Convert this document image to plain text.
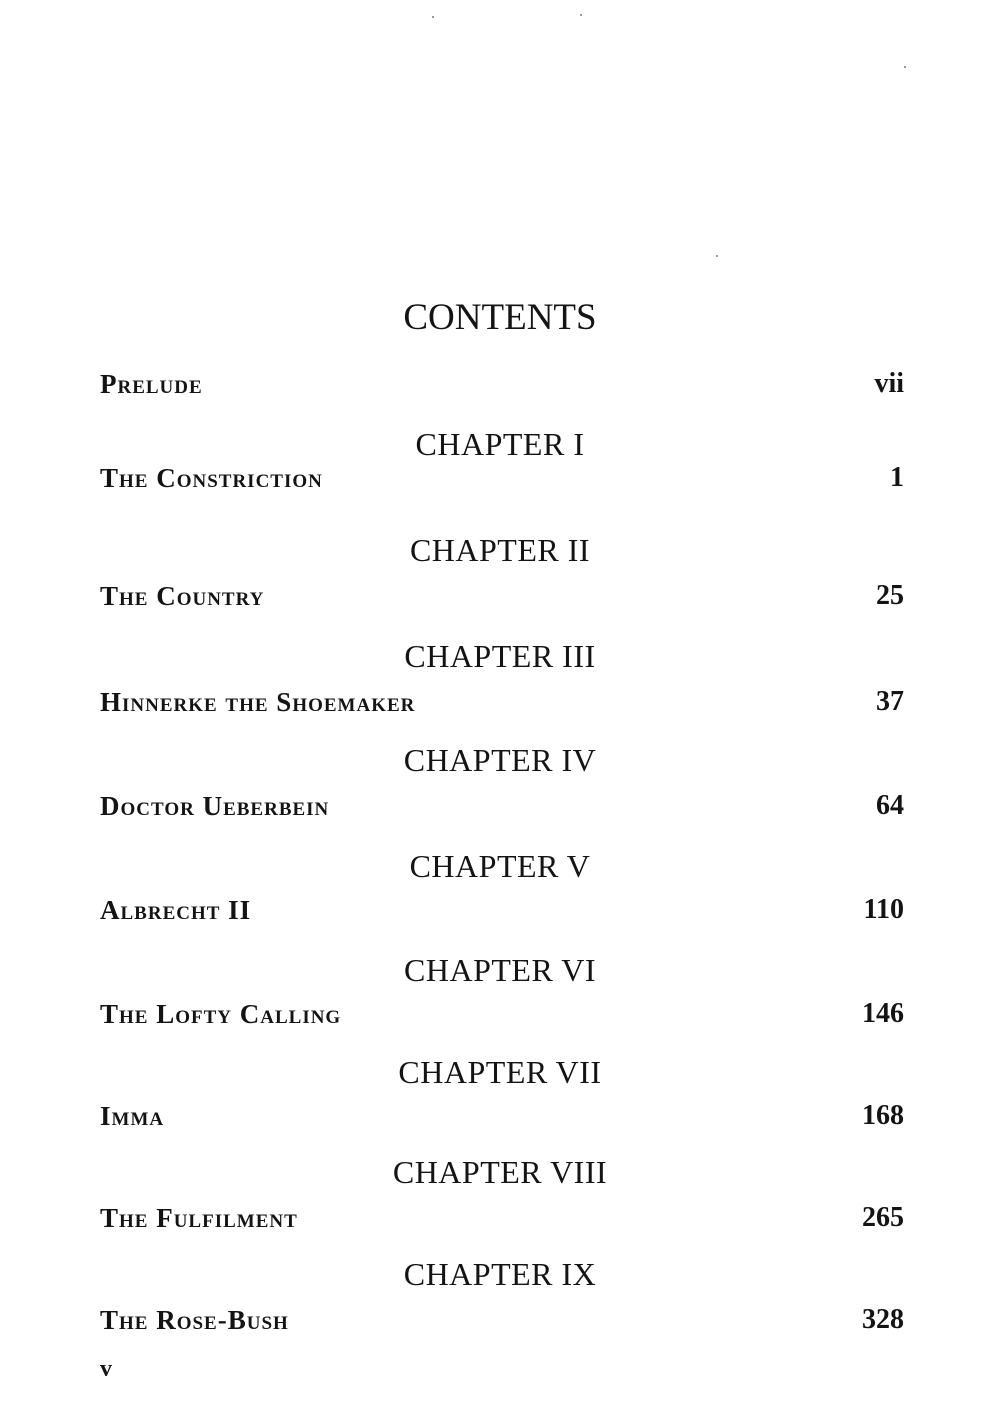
CONTENTS
Prelude	vii
CHAPTER I
The Constriction	1
CHAPTER II
The Country	25
CHAPTER III
Hinnerke the Shoemaker	37
CHAPTER IV
Doctor Ueberbein	64
CHAPTER V
Albrecht II	110
CHAPTER VI
The Lofty Calling	146
CHAPTER VII
Imma	168
CHAPTER VIII
The Fulfilment	265
CHAPTER IX
The Rose-Bush	328
v
